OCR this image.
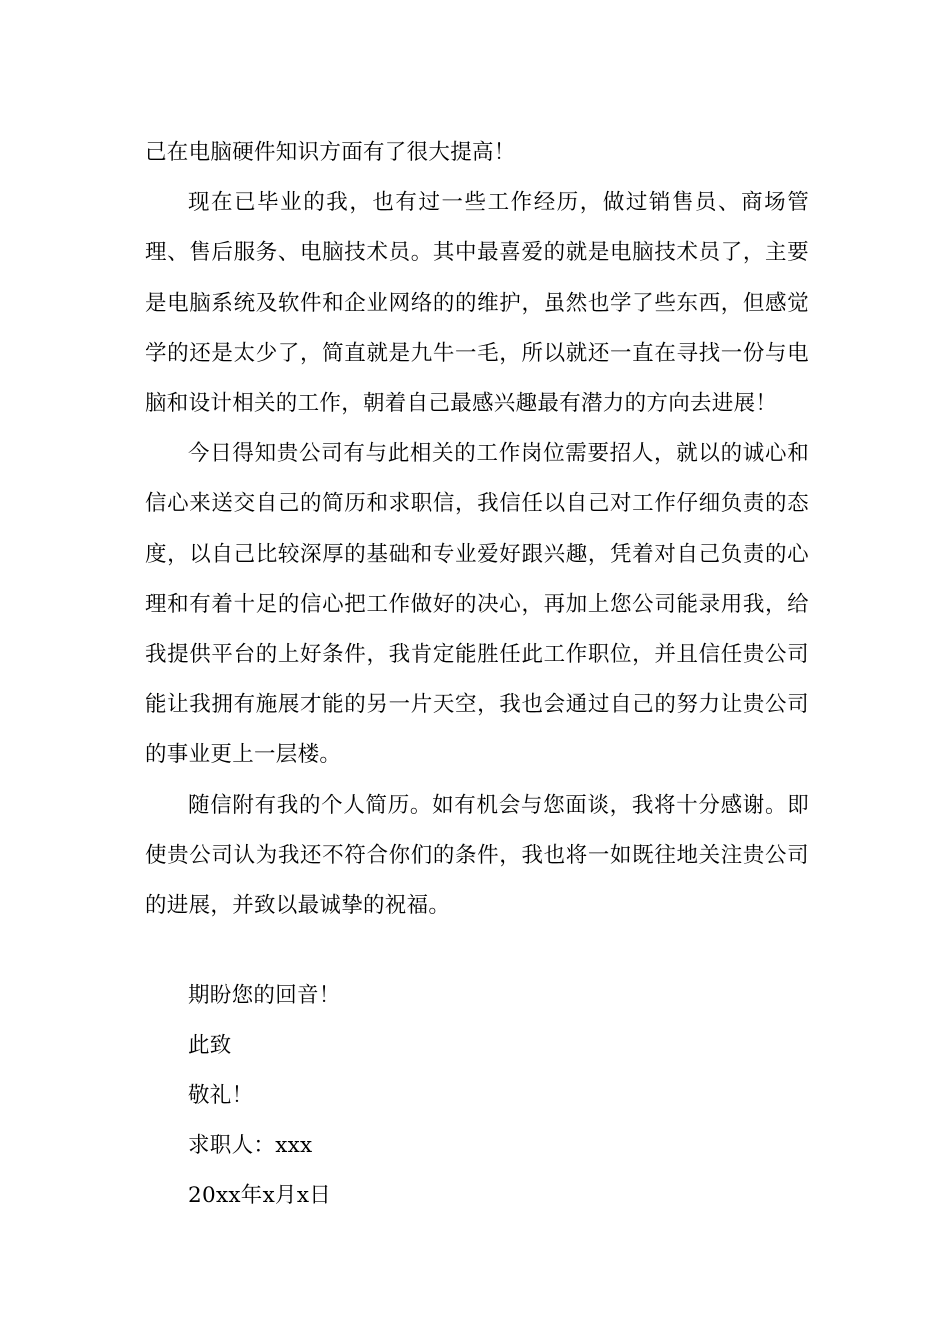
己在电脑硬件知识方面有了很大提高！

现在已毕业的我，也有过一些工作经历，做过销售员、商场管理、售后服务、电脑技术员。其中最喜爱的就是电脑技术员了，主要是电脑系统及软件和企业网络的的维护，虽然也学了些东西，但感觉学的还是太少了，简直就是九牛一毛，所以就还一直在寻找一份与电脑和设计相关的工作，朝着自己最感兴趣最有潜力的方向去进展！

今日得知贵公司有与此相关的工作岗位需要招人，就以的诚心和信心来送交自己的简历和求职信，我信任以自己对工作仔细负责的态度，以自己比较深厚的基础和专业爱好跟兴趣，凭着对自己负责的心理和有着十足的信心把工作做好的决心，再加上您公司能录用我，给我提供平台的上好条件，我肯定能胜任此工作职位，并且信任贵公司能让我拥有施展才能的另一片天空，我也会通过自己的努力让贵公司的事业更上一层楼。

随信附有我的个人简历。如有机会与您面谈，我将十分感谢。即使贵公司认为我还不符合你们的条件，我也将一如既往地关注贵公司的进展，并致以最诚挚的祝福。

期盼您的回音！
此致
敬礼！
求职人：xxx
20xx年x月x日
